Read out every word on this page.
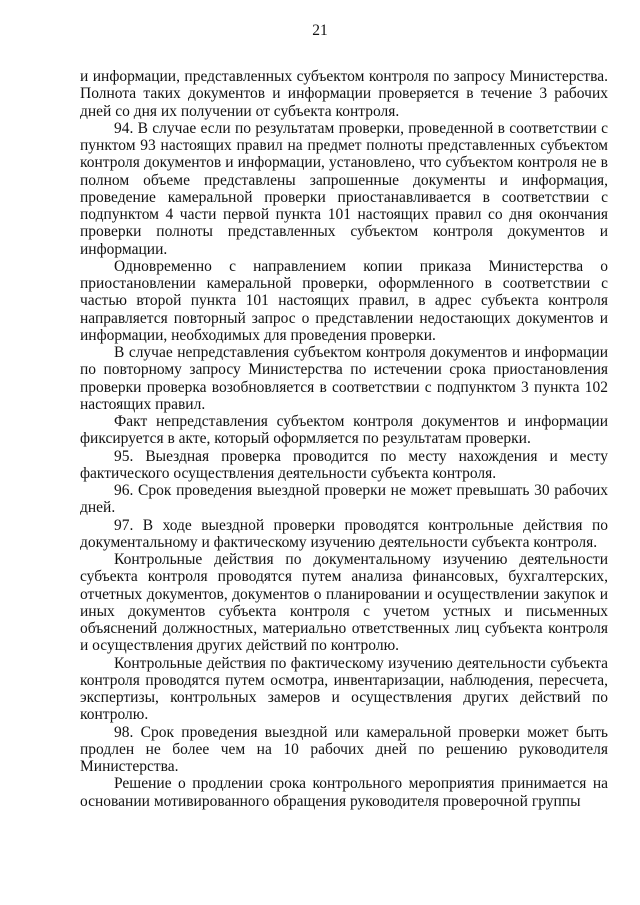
21

и информации, представленных субъектом контроля по запросу Министерства. Полнота таких документов и информации проверяется в течение 3 рабочих дней со дня их получении от субъекта контроля.

94. В случае если по результатам проверки, проведенной в соответствии с пунктом 93 настоящих правил на предмет полноты представленных субъектом контроля документов и информации, установлено, что субъектом контроля не в полном объеме представлены запрошенные документы и информация, проведение камеральной проверки приостанавливается в соответствии с подпунктом 4 части первой пункта 101 настоящих правил со дня окончания проверки полноты представленных субъектом контроля документов и информации.

Одновременно с направлением копии приказа Министерства о приостановлении камеральной проверки, оформленного в соответствии с частью второй пункта 101 настоящих правил, в адрес субъекта контроля направляется повторный запрос о представлении недостающих документов и информации, необходимых для проведения проверки.

В случае непредставления субъектом контроля документов и информации по повторному запросу Министерства по истечении срока приостановления проверки проверка возобновляется в соответствии с подпунктом 3 пункта 102 настоящих правил.

Факт непредставления субъектом контроля документов и информации фиксируется в акте, который оформляется по результатам проверки.

95. Выездная проверка проводится по месту нахождения и месту фактического осуществления деятельности субъекта контроля.

96. Срок проведения выездной проверки не может превышать 30 рабочих дней.

97. В ходе выездной проверки проводятся контрольные действия по документальному и фактическому изучению деятельности субъекта контроля.

Контрольные действия по документальному изучению деятельности субъекта контроля проводятся путем анализа финансовых, бухгалтерских, отчетных документов, документов о планировании и осуществлении закупок и иных документов субъекта контроля с учетом устных и письменных объяснений должностных, материально ответственных лиц субъекта контроля и осуществления других действий по контролю.

Контрольные действия по фактическому изучению деятельности субъекта контроля проводятся путем осмотра, инвентаризации, наблюдения, пересчета, экспертизы, контрольных замеров и осуществления других действий по контролю.

98. Срок проведения выездной или камеральной проверки может быть продлен не более чем на 10 рабочих дней по решению руководителя Министерства.

Решение о продлении срока контрольного мероприятия принимается на основании мотивированного обращения руководителя проверочной группы
